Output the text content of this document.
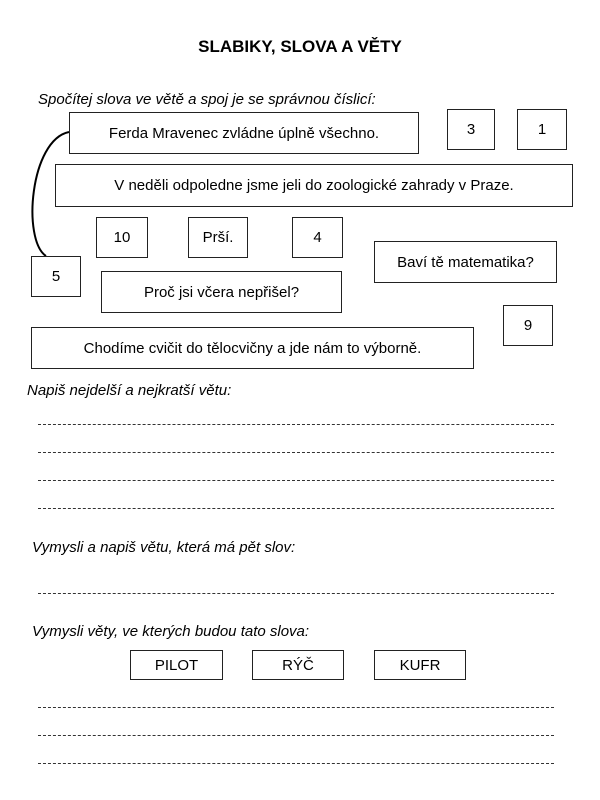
SLABIKY, SLOVA A VĚTY
Spočítej slova ve větě a spoj je se správnou číslicí:
Ferda Mravenec zvládne úplně všechno.	3	1
V neděli odpoledne jsme jeli do zoologické zahrady v Praze.
10	Prší.	4
Baví tě matematika?
5
Proč jsi včera nepřišel?
9
Chodíme cvičit do tělocvičny a jde nám to výborně.
Napiš nejdelší a nejkratší větu:
Vymysli a napiš větu, která má pět slov:
Vymysli věty, ve kterých budou tato slova:
PILOT	RÝČ	KUFR
